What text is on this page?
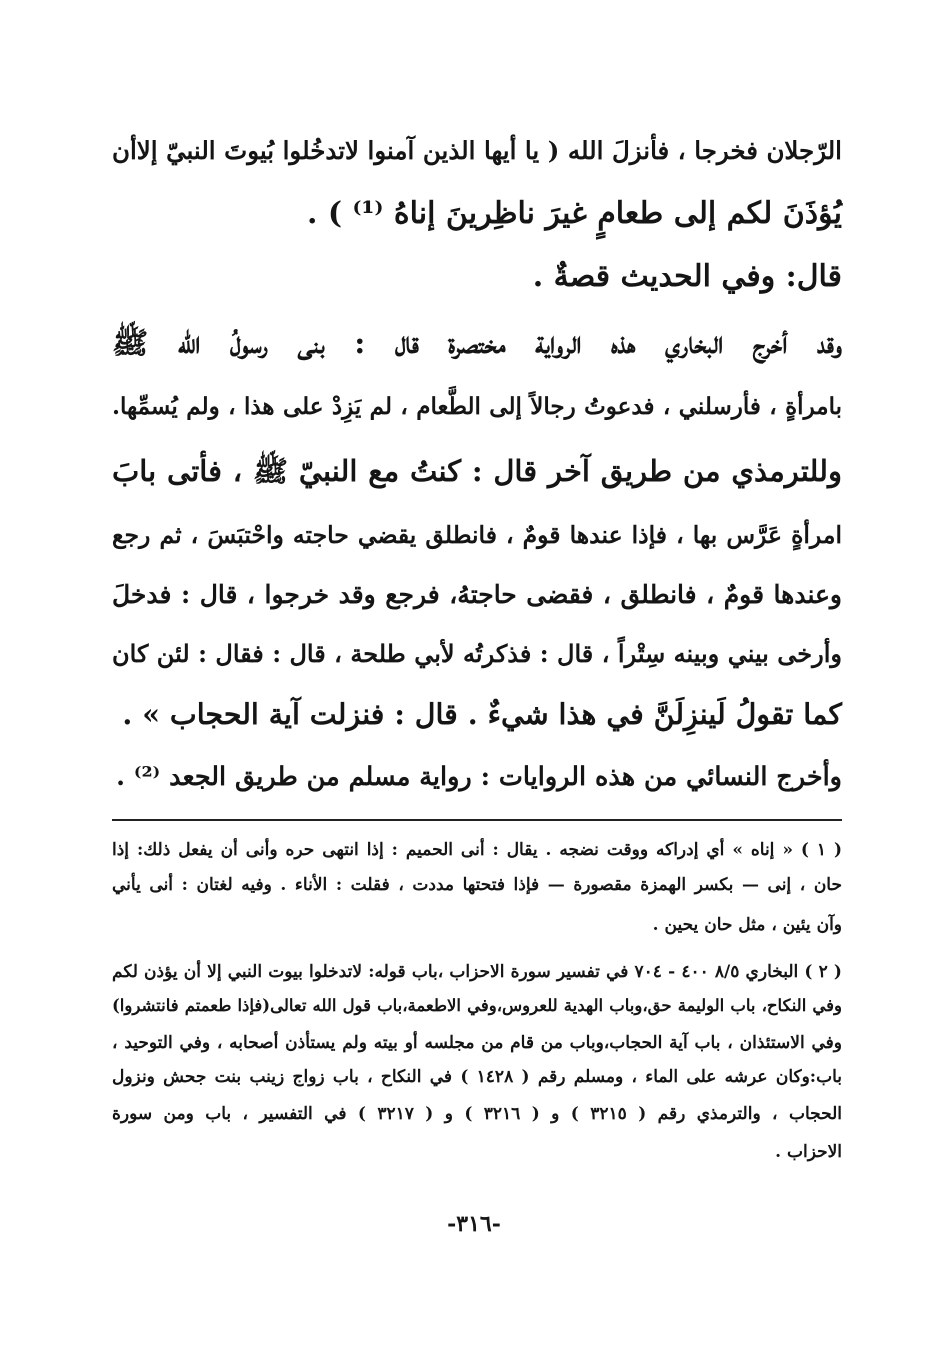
الرّجلان فخرجا ، فأنزلَ الله ( يا أيها الذين آمنوا لاتدخُلوا بُيوتَ النبيّ إلاأن
يُؤذَنَ لكم إلى طعامٍ غيرَ ناظِرينَ إناهُ ⁽¹⁾ ) .
قال: وفي الحديث قصةٌ .
وقد أخرج البخاري هذه الرواية مختصرة قال : بنى رسولُ الله ﷺ
بامرأةٍ ، فأرسلني ، فدعوتُ رجالاً إلى الطَّعام ، لم يَزِدْ على هذا ، ولم يُسمِّها.
وللترمذي من طريق آخر قال : كنتُ مع النبيّ ﷺ ، فأتى بابَ
امرأةٍ عَرَّس بها ، فإذا عندها قومٌ ، فانطلق يقضي حاجته واحْتبَسَ ، ثم رجع
وعندها قومٌ ، فانطلق ، فقضى حاجتهُ، فرجع وقد خرجوا ، قال : فدخلَ
وأرخى بيني وبينه سِتْراً ، قال : فذكرتُه لأبي طلحة ، قال : فقال : لئن كان
كما تقولُ لَينزِلَنَّ في هذا شيءٌ . قال : فنزلت آية الحجاب » .
وأخرج النسائي من هذه الروايات : رواية مسلم من طريق الجعد ⁽²⁾ .
( ١ ) « إناه » أي إدراكه ووقت نضجه . يقال : أنى الحميم : إذا انتهى حره وأنى أن يفعل ذلك: إذا
حان ، إنى — بكسر الهمزة مقصورة — فإذا فتحتها مددت ، فقلت : الأناء . وفيه لغتان : أنى يأني
وآن يئين ، مثل حان يحين .
( ٢ ) البخاري ٨/٥ ٤٠٠ - ٧٠٤ في تفسير سورة الاحزاب ،باب قوله: لاتدخلوا بيوت النبي إلا أن يؤذن لكم
وفي النكاح، باب الوليمة حق،وباب الهدية للعروس،وفي الاطعمة،باب قول الله تعالى(فإذا طعمتم فانتشروا)
وفي الاستئذان ، باب آية الحجاب،وباب من قام من مجلسه أو بيته ولم يستأذن أصحابه ، وفي التوحيد ،
باب:وكان عرشه على الماء ، ومسلم رقم ( ١٤٢٨ ) في النكاح ، باب زواج زينب بنت جحش ونزول
الحجاب ، والترمذي رقم ( ٣٢١٥ ) و ( ٣٢١٦ ) و ( ٣٢١٧ ) في التفسير ، باب ومن سورة
الاحزاب .
-٣١٦-
